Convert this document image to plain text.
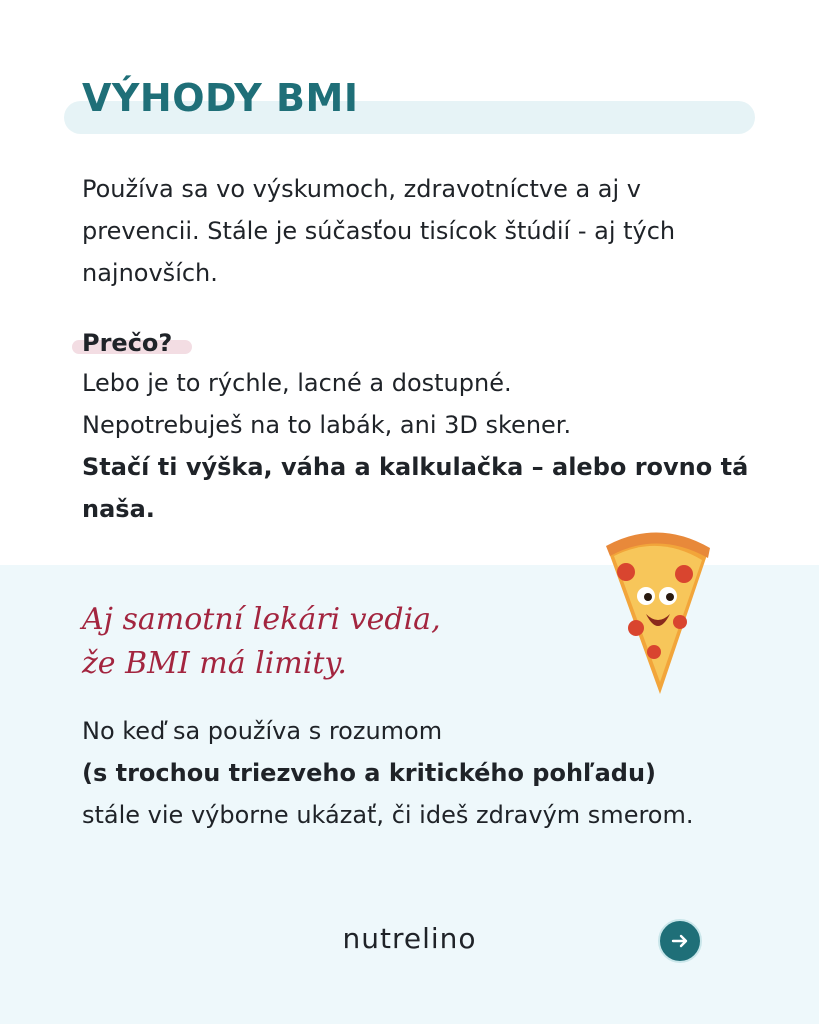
VÝHODY BMI

Používa sa vo výskumoch, zdravotníctve a aj v prevencii. Stále je súčasťou tisícok štúdií - aj tých najnovších.

Prečo?

Lebo je to rýchle, lacné a dostupné.
Nepotrebuješ na to labák, ani 3D skener.
Stačí ti výška, váha a kalkulačka – alebo rovno tá naša.

Aj samotní lekári vedia,
že BMI má limity.

No keď sa používa s rozumom
(s trochou triezveho a kritického pohľadu)
stále vie výborne ukázať, či ideš zdravým smerom.

nutrelino
